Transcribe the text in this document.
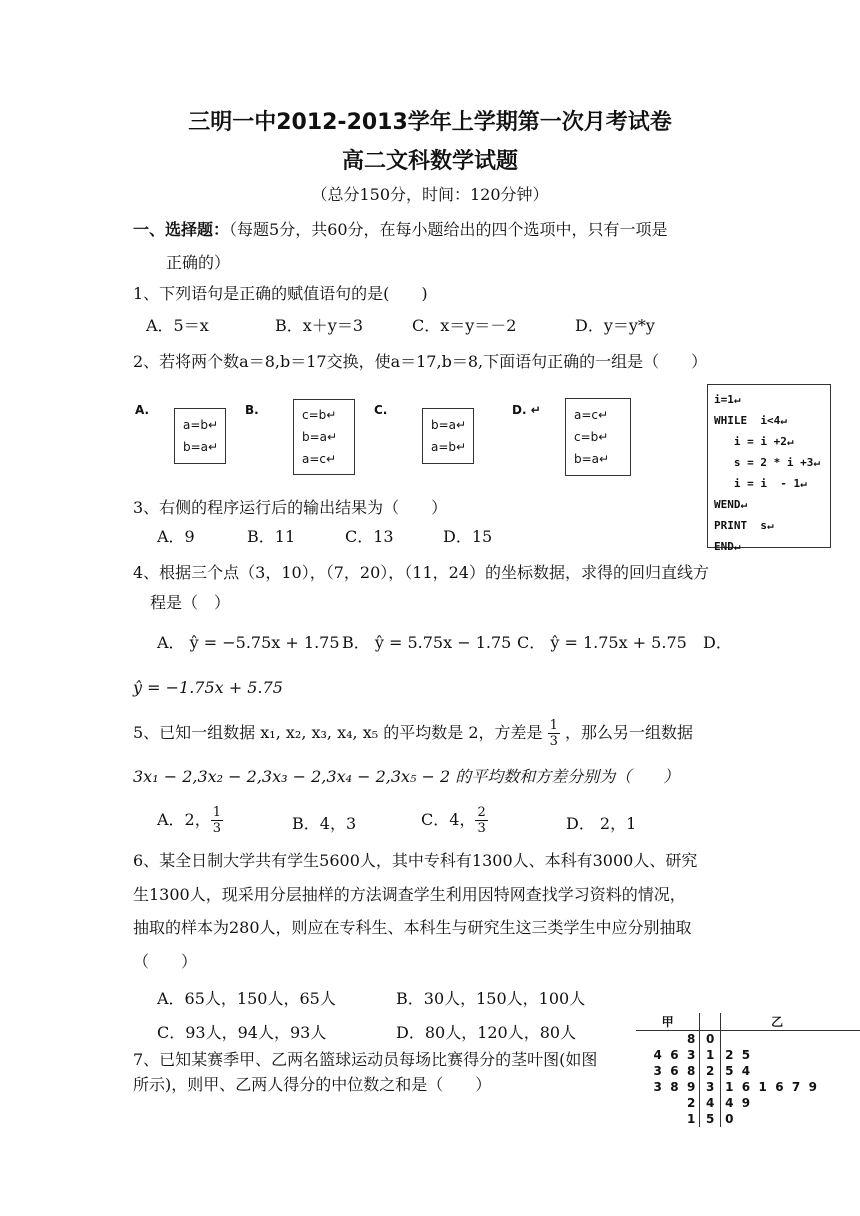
三明一中2012-2013学年上学期第一次月考试卷
高二文科数学试题
（总分150分，时间：120分钟）
一、选择题：（每题5分，共60分，在每小题给出的四个选项中，只有一项是
正确的）
1、下列语句是正确的赋值语句的是(　　)
A．5＝x	B．x＋y＝3	C．x＝y＝－2	D．y＝y*y
2、若将两个数a＝8,b＝17交换，使a＝17,b＝8,下面语句正确的一组是（　　）
A.
a=b↵
b=a↵
B.	c=b↵
b=a↵
a=c↵
C.
b=a↵
a=b↵
D. ↵	a=c↵
c=b↵
b=a↵
i=1↵
WHILE  i<4↵
i = i +2↵
s = 2 * i +3↵
i = i  - 1↵
WEND↵
PRINT  s↵
END↵
3、右侧的程序运行后的输出结果为（　　）
A．9	B．11	C．13	D．15
4、根据三个点（3，10），（7，20），（11，24）的坐标数据，求得的回归直线方
程是（　）
A． ŷ = −5.75x + 1.75 B． ŷ = 5.75x − 1.75 C． ŷ = 1.75x + 5.75 D．
ŷ = −1.75x + 5.75
5、已知一组数据 x₁, x₂, x₃, x₄, x₅ 的平均数是 2，方差是 $\frac{1}{3}$ ，那么另一组数据
3x₁ − 2,3x₂ − 2,3x₃ − 2,3x₄ − 2,3x₅ − 2 的平均数和方差分别为（　　）
A．2， $\frac{1}{3}$	B．4，3	C．4， $\frac{2}{3}$	D． 2，1
6、某全日制大学共有学生5600人，其中专科有1300人、本科有3000人、研究
生1300人，现采用分层抽样的方法调查学生利用因特网查找学习资料的情况，
抽取的样本为280人，则应在专科生、本科生与研究生这三类学生中应分别抽取
（　　）
A．65人，150人，65人	B．30人，150人，100人
C．93人，94人，93人	D．80人，120人，80人
7、已知某赛季甲、乙两名篮球运动员每场比赛得分的茎叶图(如图
所示)，则甲、乙两人得分的中位数之和是（　　）
甲		乙
8	0	
4  6  3	1	2  5
3  6  8	2	5  4
3  8  9	3	1  6  1  6  7  9
2	4	4  9
1	5	0
